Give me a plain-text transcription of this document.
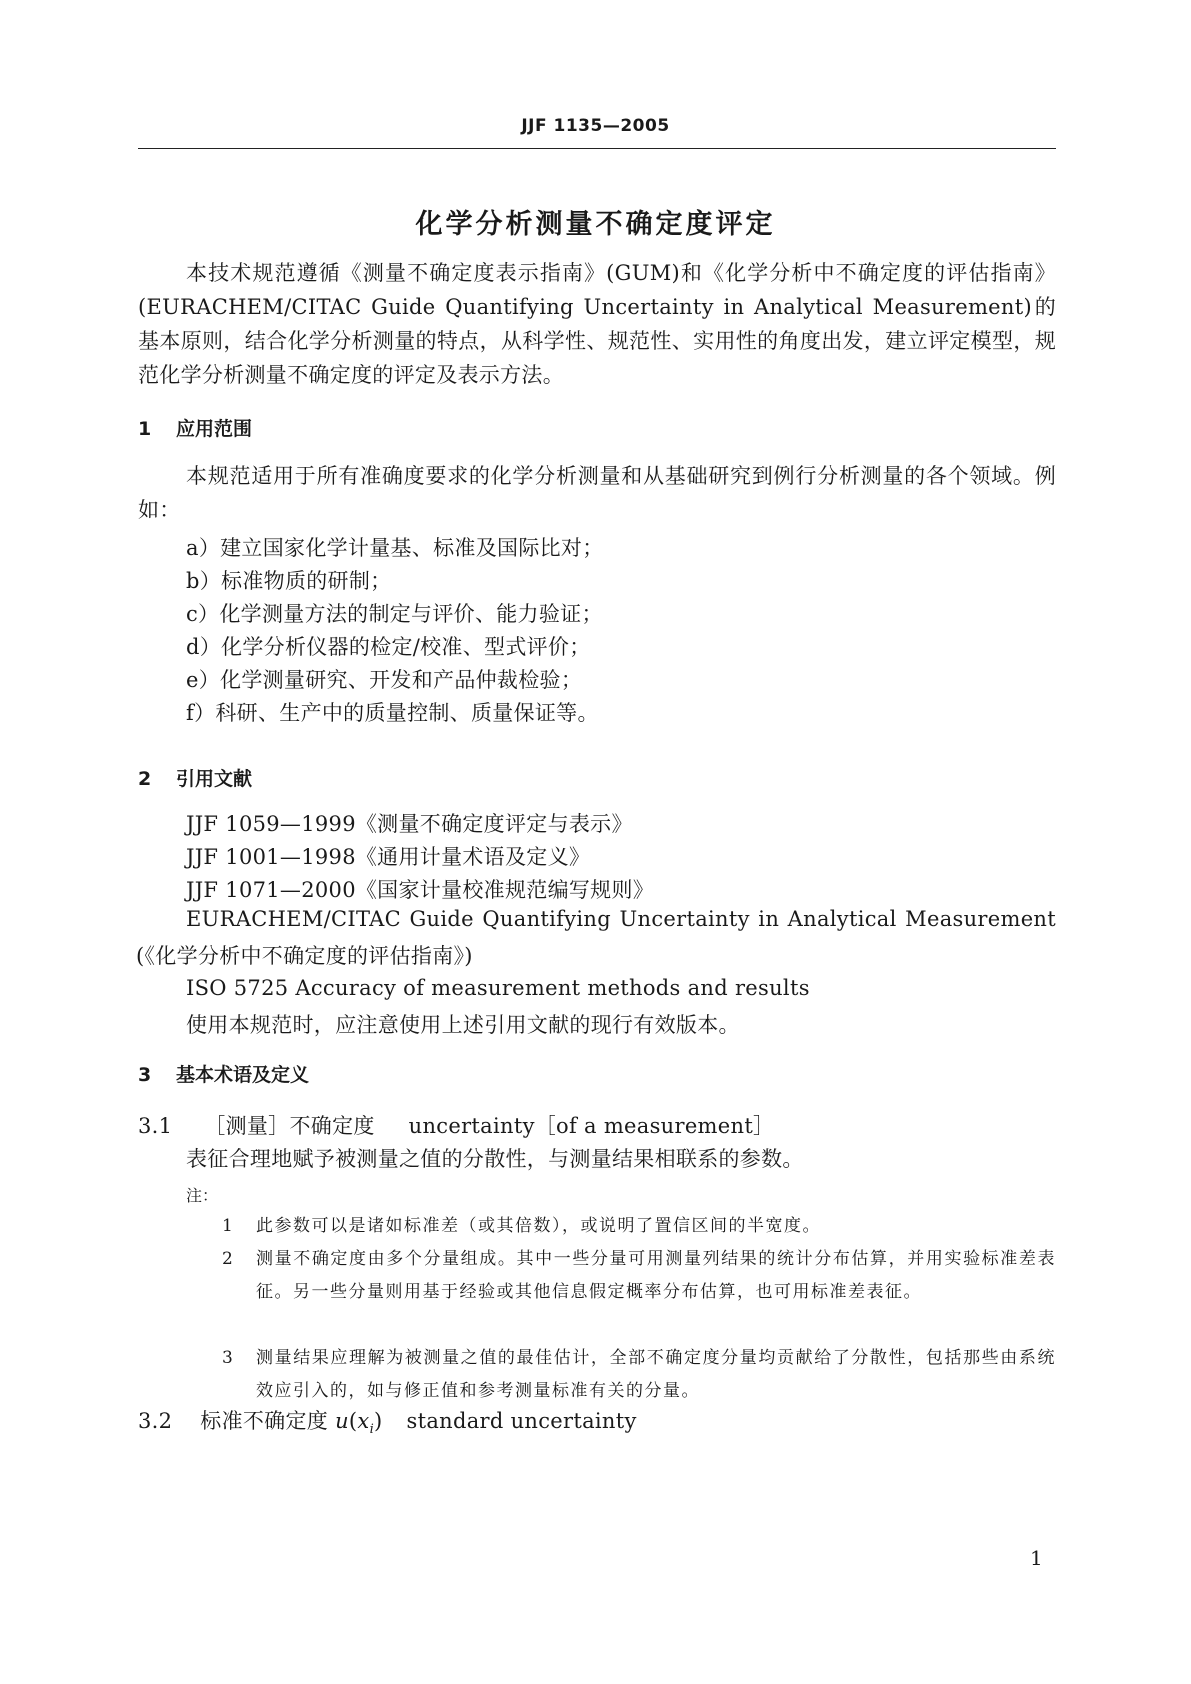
JJF 1135—2005
化学分析测量不确定度评定
本技术规范遵循《测量不确定度表示指南》(GUM)和《化学分析中不确定度的评估指南》(EURACHEM/CITAC Guide Quantifying Uncertainty in Analytical Measurement)的基本原则，结合化学分析测量的特点，从科学性、规范性、实用性的角度出发，建立评定模型，规范化学分析测量不确定度的评定及表示方法。
1 应用范围
本规范适用于所有准确度要求的化学分析测量和从基础研究到例行分析测量的各个领域。例如：
a）建立国家化学计量基、标准及国际比对；
b）标准物质的研制；
c）化学测量方法的制定与评价、能力验证；
d）化学分析仪器的检定/校准、型式评价；
e）化学测量研究、开发和产品仲裁检验；
f）科研、生产中的质量控制、质量保证等。
2 引用文献
JJF 1059—1999《测量不确定度评定与表示》
JJF 1001—1998《通用计量术语及定义》
JJF 1071—2000《国家计量校准规范编写规则》
EURACHEM/CITAC Guide Quantifying Uncertainty in Analytical Measurement
(《化学分析中不确定度的评估指南》)
ISO 5725 Accuracy of measurement methods and results
使用本规范时，应注意使用上述引用文献的现行有效版本。
3 基本术语及定义
3.1 ［测量］不确定度 uncertainty［of a measurement］
表征合理地赋予被测量之值的分散性，与测量结果相联系的参数。
注：
1	此参数可以是诸如标准差（或其倍数），或说明了置信区间的半宽度。
2	测量不确定度由多个分量组成。其中一些分量可用测量列结果的统计分布估算，并用实验标准差表征。另一些分量则用基于经验或其他信息假定概率分布估算，也可用标准差表征。
3	测量结果应理解为被测量之值的最佳估计，全部不确定度分量均贡献给了分散性，包括那些由系统效应引入的，如与修正值和参考测量标准有关的分量。
3.2 标准不确定度 $u(x_i)$ standard uncertainty
1
